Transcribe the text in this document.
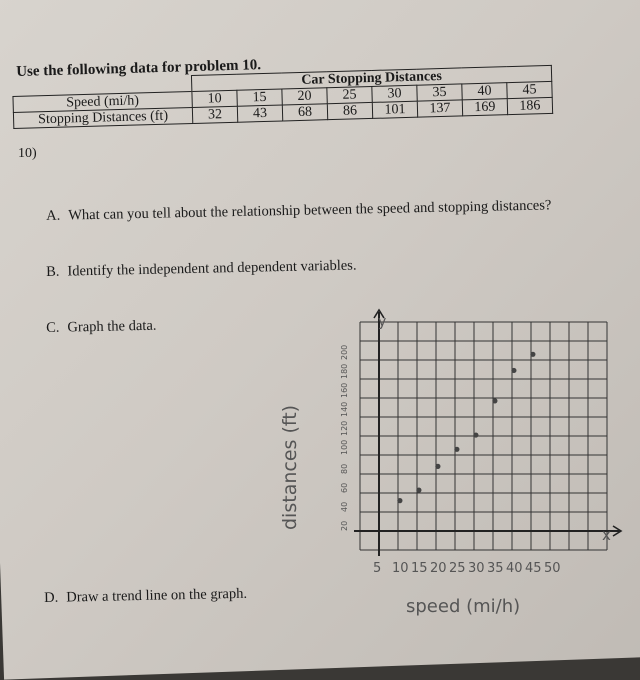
Use the following data for problem 10.
		Car Stopping Distances							
Speed (mi/h)	10	15	20	25	30	35	40	45
Stopping Distances (ft)	32	43	68	86	101	137	169	186
10)
A. What can you tell about the relationship between the speed and stopping distances?
B. Identify the independent and dependent variables.
C. Graph the data.
D. Draw a trend line on the graph.
5 10 15 20 25 30 35 40 45 50
20
40
60
80
100
120
140
160
180
200
distances (ft)
speed (mi/h)
y
x
